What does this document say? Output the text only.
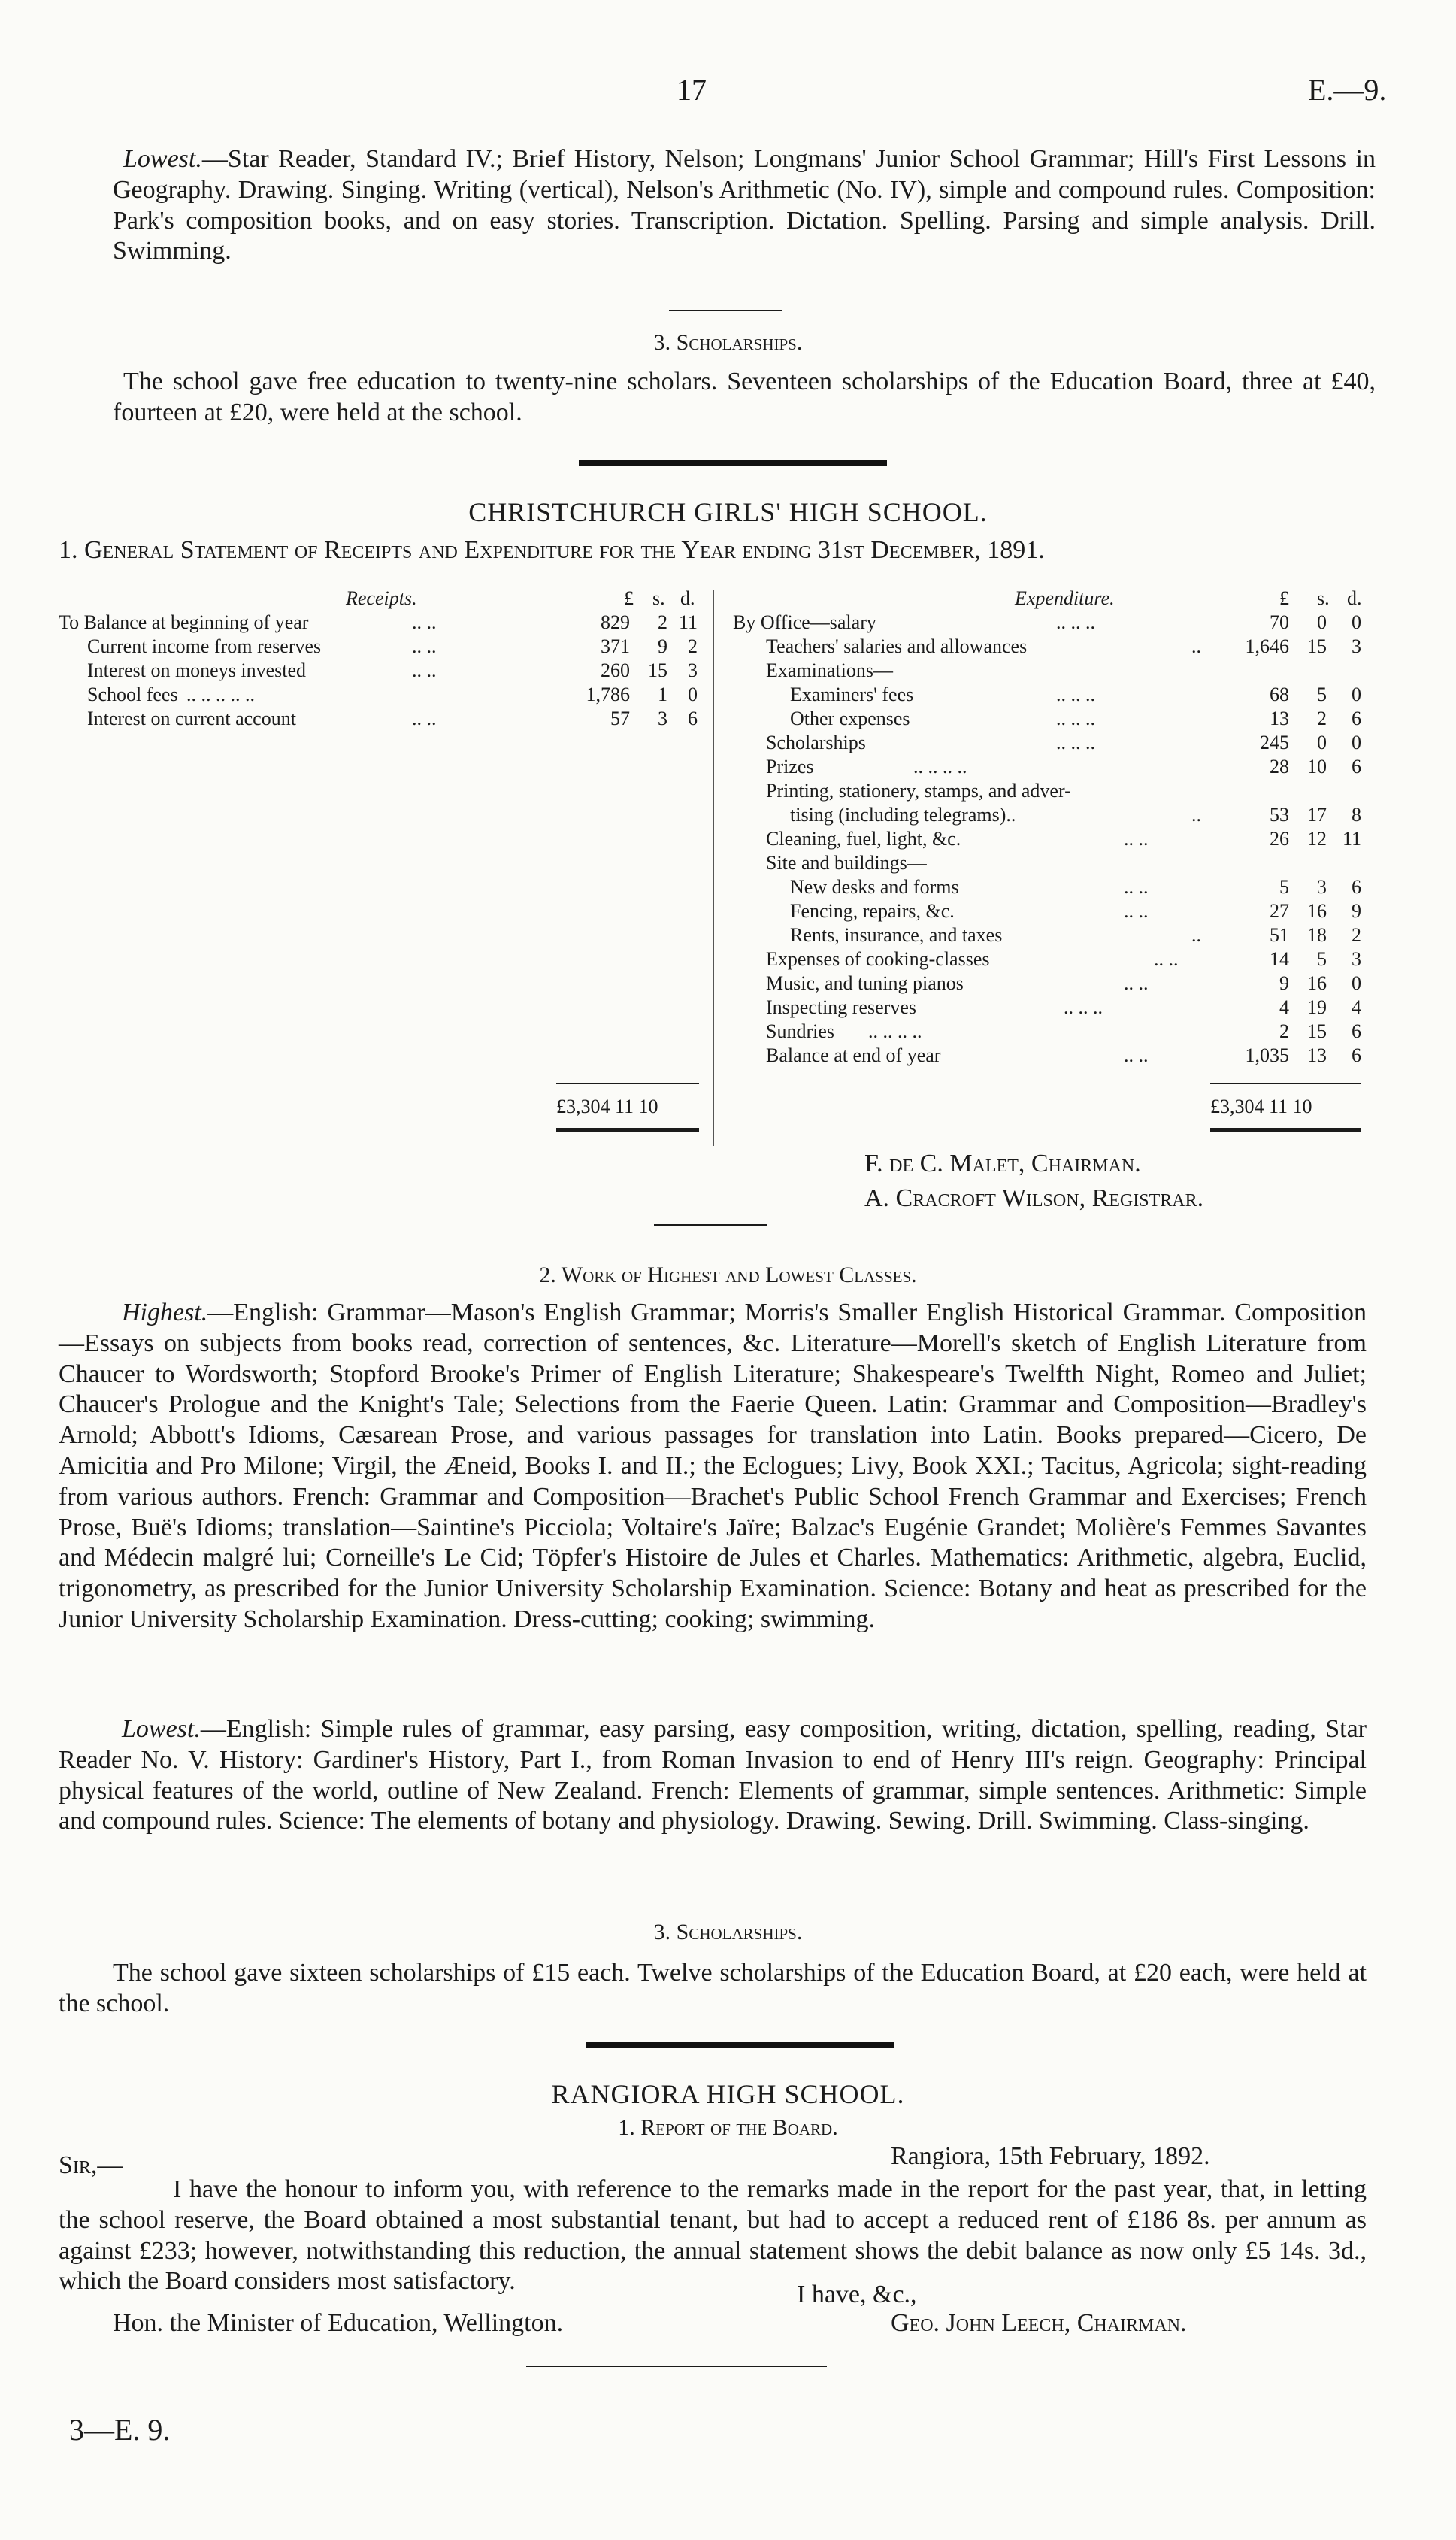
17	E.—9.
Lowest.—Star Reader, Standard IV.; Brief History, Nelson; Longmans' Junior School Grammar; Hill's First Lessons in Geography. Drawing. Singing. Writing (vertical), Nelson's Arithmetic (No. IV), simple and compound rules. Composition: Park's composition books, and on easy stories. Transcription. Dictation. Spelling. Parsing and simple analysis. Drill. Swimming.
3. Scholarships.
The school gave free education to twenty-nine scholars. Seventeen scholarships of the Education Board, three at £40, fourteen at £20, were held at the school.
CHRISTCHURCH GIRLS' HIGH SCHOOL.
1. General Statement of Receipts and Expenditure for the Year ending 31st December, 1891.
Receipts.	£ s. d.	Expenditure.	£ s. d.
To Balance at beginning of year	.. ..	829 2 11
Current income from reserves	.. ..	371 9 2
Interest on moneys invested	.. ..	260 15 3
School fees .. .. .. .. ..	1,786 1 0
Interest on current account	.. ..	57 3 6
By Office—salary	.. .. ..	70 0 0
Teachers' salaries and allowances	.. 1,646 15 3
Examinations—
Examiners' fees	.. .. ..	68 5 0
Other expenses	.. .. ..	13 2 6
Scholarships	.. .. ..	245 0 0
Prizes	.. .. .. ..	28 10 6
Printing, stationery, stamps, and adver-
tising (including telegrams)..	..	53 17 8
Cleaning, fuel, light, &c.	.. ..	26 12 11
Site and buildings—
New desks and forms	.. ..	5 3 6
Fencing, repairs, &c.	.. ..	27 16 9
Rents, insurance, and taxes	..	51 18 2
Expenses of cooking-classes	.. ..	14 5 3
Music, and tuning pianos	.. ..	9 16 0
Inspecting reserves	.. .. ..	4 19 4
Sundries .. .. .. ..	2 15 6
Balance at end of year	.. ..	1,035 13 6
£3,304 11 10	£3,304 11 10
F. de C. Malet, Chairman.
A. Cracroft Wilson, Registrar.
2. Work of Highest and Lowest Classes.
Highest.—English: Grammar—Mason's English Grammar; Morris's Smaller English Historical Grammar. Composition—Essays on subjects from books read, correction of sentences, &c. Literature—Morell's sketch of English Literature from Chaucer to Wordsworth; Stopford Brooke's Primer of English Literature; Shakespeare's Twelfth Night, Romeo and Juliet; Chaucer's Prologue and the Knight's Tale; Selections from the Faerie Queen. Latin: Grammar and Composition—Bradley's Arnold; Abbott's Idioms, Cæsarean Prose, and various passages for translation into Latin. Books prepared—Cicero, De Amicitia and Pro Milone; Virgil, the Æneid, Books I. and II.; the Eclogues; Livy, Book XXI.; Tacitus, Agricola; sight-reading from various authors. French: Grammar and Composition—Brachet's Public School French Grammar and Exercises; French Prose, Buë's Idioms; translation—Saintine's Picciola; Voltaire's Jaïre; Balzac's Eugénie Grandet; Molière's Femmes Savantes and Médecin malgré lui; Corneille's Le Cid; Töpfer's Histoire de Jules et Charles. Mathematics: Arithmetic, algebra, Euclid, trigonometry, as prescribed for the Junior University Scholarship Examination. Science: Botany and heat as prescribed for the Junior University Scholarship Examination. Dress-cutting; cooking; swimming.
Lowest.—English: Simple rules of grammar, easy parsing, easy composition, writing, dictation, spelling, reading, Star Reader No. V. History: Gardiner's History, Part I., from Roman Invasion to end of Henry III's reign. Geography: Principal physical features of the world, outline of New Zealand. French: Elements of grammar, simple sentences. Arithmetic: Simple and compound rules. Science: The elements of botany and physiology. Drawing. Sewing. Drill. Swimming. Class-singing.
3. Scholarships.
The school gave sixteen scholarships of £15 each. Twelve scholarships of the Education Board, at £20 each, were held at the school.
RANGIORA HIGH SCHOOL.
1. Report of the Board.
Sir,—	Rangiora, 15th February, 1892.
I have the honour to inform you, with reference to the remarks made in the report for the past year, that, in letting the school reserve, the Board obtained a most substantial tenant, but had to accept a reduced rent of £186 8s. per annum as against £233; however, notwithstanding this reduction, the annual statement shows the debit balance as now only £5 14s. 3d., which the Board considers most satisfactory.	I have, &c.,
Hon. the Minister of Education, Wellington.	Geo. John Leech, Chairman.
3—E. 9.
